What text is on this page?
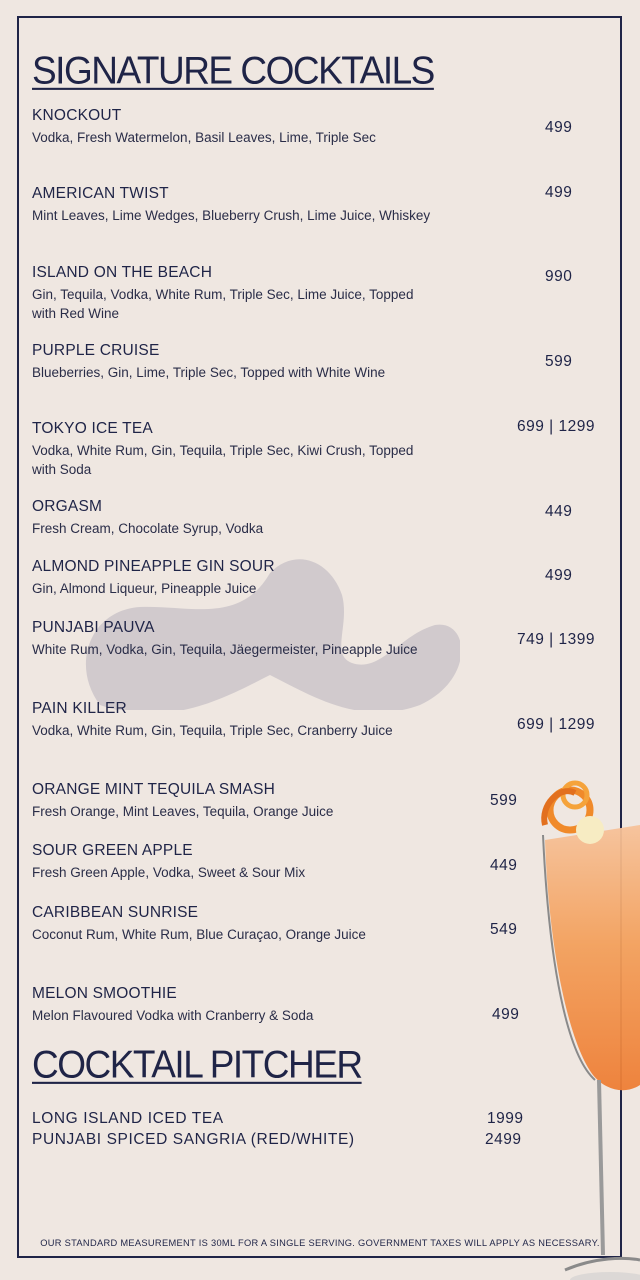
SIGNATURE COCKTAILS
KNOCKOUT
Vodka, Fresh Watermelon, Basil Leaves, Lime, Triple Sec
499
AMERICAN TWIST
Mint Leaves, Lime Wedges, Blueberry Crush, Lime Juice, Whiskey
499
ISLAND ON THE BEACH
Gin, Tequila, Vodka, White Rum, Triple Sec, Lime Juice, Topped with Red Wine
990
PURPLE CRUISE
Blueberries, Gin, Lime, Triple Sec, Topped with White Wine
599
TOKYO ICE TEA
Vodka, White Rum, Gin, Tequila, Triple Sec, Kiwi Crush, Topped with Soda
699 | 1299
ORGASM
Fresh Cream, Chocolate Syrup, Vodka
449
ALMOND PINEAPPLE GIN SOUR
Gin, Almond Liqueur, Pineapple Juice
499
PUNJABI PAUVA
White Rum, Vodka, Gin, Tequila, Jäegermeister, Pineapple Juice
749 | 1399
PAIN KILLER
Vodka, White Rum, Gin, Tequila, Triple Sec, Cranberry Juice	699 | 1299
ORANGE MINT TEQUILA SMASH
Fresh Orange, Mint Leaves, Tequila, Orange Juice
599
SOUR GREEN APPLE
Fresh Green Apple, Vodka, Sweet & Sour Mix	449
CARIBBEAN SUNRISE
Coconut Rum, White Rum, Blue Curaçao, Orange Juice	549
MELON SMOOTHIE
Melon Flavoured Vodka with Cranberry & Soda	499
COCKTAIL PITCHER
LONG ISLAND ICED TEA	1999
PUNJABI SPICED SANGRIA (RED/WHITE)	2499
OUR STANDARD MEASUREMENT IS 30ML FOR A SINGLE SERVING. GOVERNMENT TAXES WILL APPLY AS NECESSARY.
